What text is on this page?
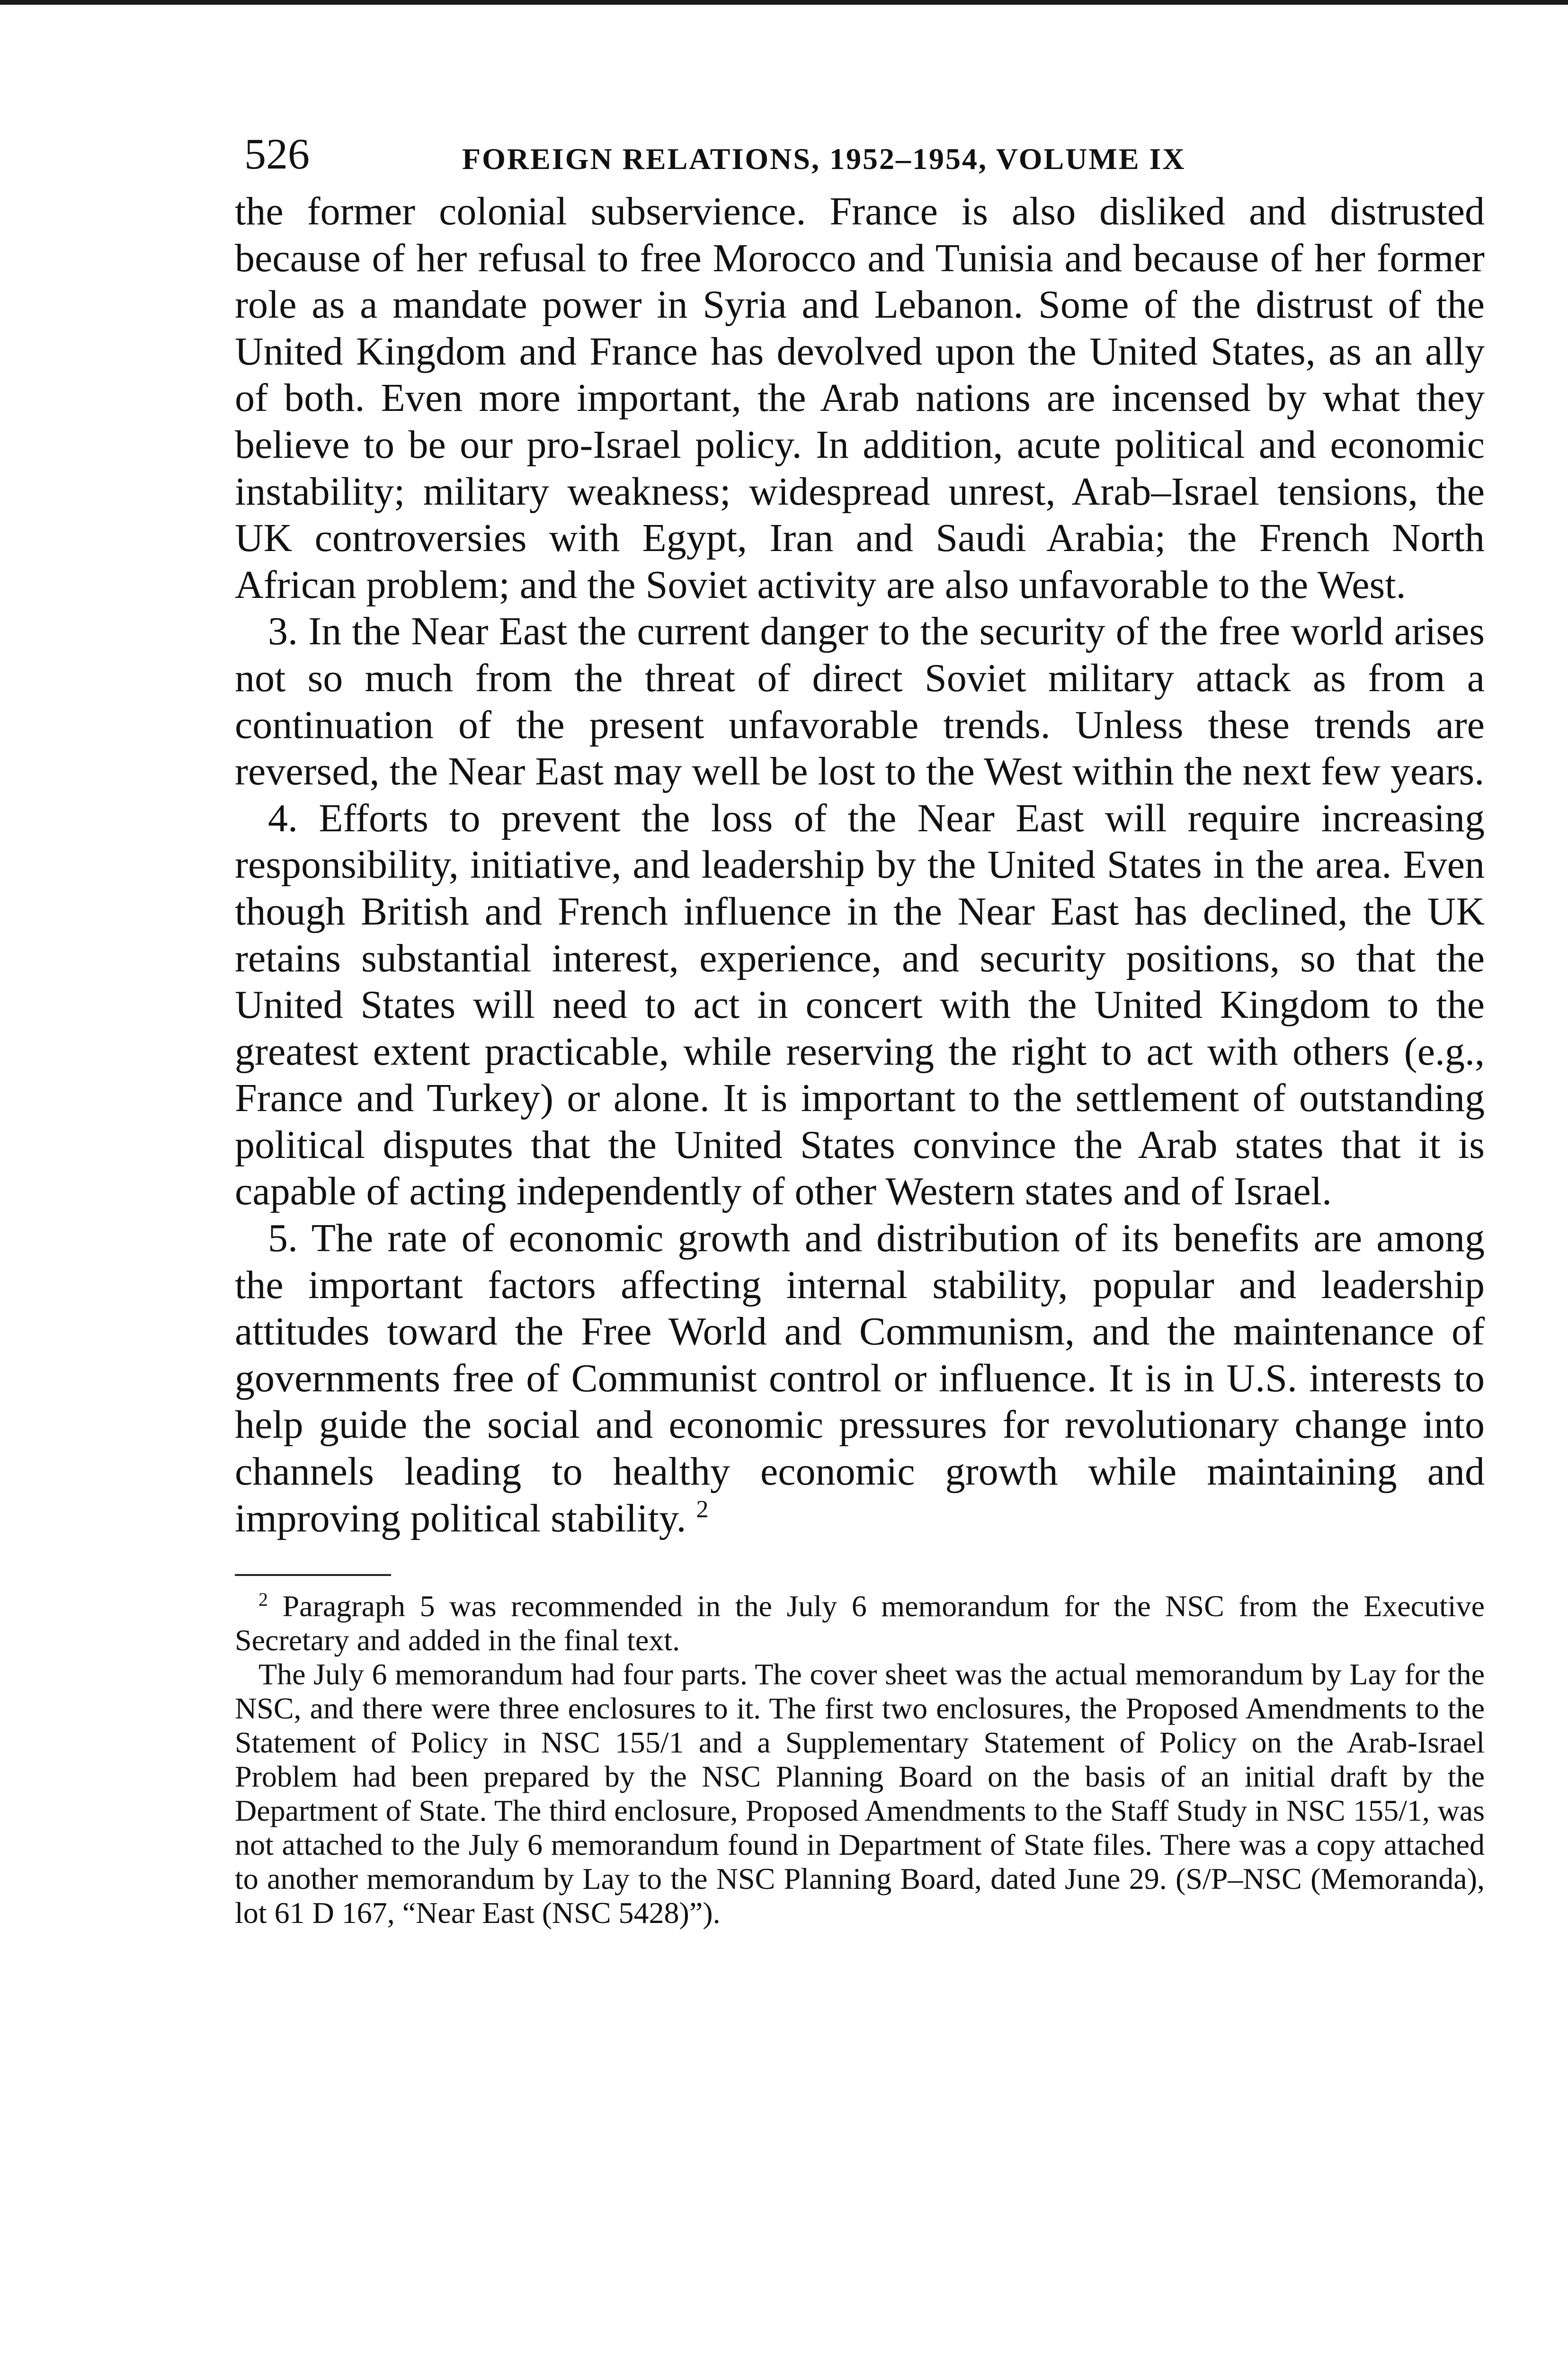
526	FOREIGN RELATIONS, 1952–1954, VOLUME IX

the former colonial subservience. France is also disliked and distrusted because of her refusal to free Morocco and Tunisia and because of her former role as a mandate power in Syria and Lebanon. Some of the distrust of the United Kingdom and France has devolved upon the United States, as an ally of both. Even more important, the Arab nations are incensed by what they believe to be our pro-Israel policy. In addition, acute political and economic instability; military weakness; widespread unrest, Arab–Israel tensions, the UK controversies with Egypt, Iran and Saudi Arabia; the French North African problem; and the Soviet activity are also unfavorable to the West.

3. In the Near East the current danger to the security of the free world arises not so much from the threat of direct Soviet military attack as from a continuation of the present unfavorable trends. Unless these trends are reversed, the Near East may well be lost to the West within the next few years.

4. Efforts to prevent the loss of the Near East will require increasing responsibility, initiative, and leadership by the United States in the area. Even though British and French influence in the Near East has declined, the UK retains substantial interest, experience, and security positions, so that the United States will need to act in concert with the United Kingdom to the greatest extent practicable, while reserving the right to act with others (e.g., France and Turkey) or alone. It is important to the settlement of outstanding political disputes that the United States convince the Arab states that it is capable of acting independently of other Western states and of Israel.

5. The rate of economic growth and distribution of its benefits are among the important factors affecting internal stability, popular and leadership attitudes toward the Free World and Communism, and the maintenance of governments free of Communist control or influence. It is in U.S. interests to help guide the social and economic pressures for revolutionary change into channels leading to healthy economic growth while maintaining and improving political stability. $^2$

$^2$ Paragraph 5 was recommended in the July 6 memorandum for the NSC from the Executive Secretary and added in the final text.

The July 6 memorandum had four parts. The cover sheet was the actual memorandum by Lay for the NSC, and there were three enclosures to it. The first two enclosures, the Proposed Amendments to the Statement of Policy in NSC 155/1 and a Supplementary Statement of Policy on the Arab-Israel Problem had been prepared by the NSC Planning Board on the basis of an initial draft by the Department of State. The third enclosure, Proposed Amendments to the Staff Study in NSC 155/1, was not attached to the July 6 memorandum found in Department of State files. There was a copy attached to another memorandum by Lay to the NSC Planning Board, dated June 29. (S/P–NSC (Memoranda), lot 61 D 167, “Near East (NSC 5428)”).
